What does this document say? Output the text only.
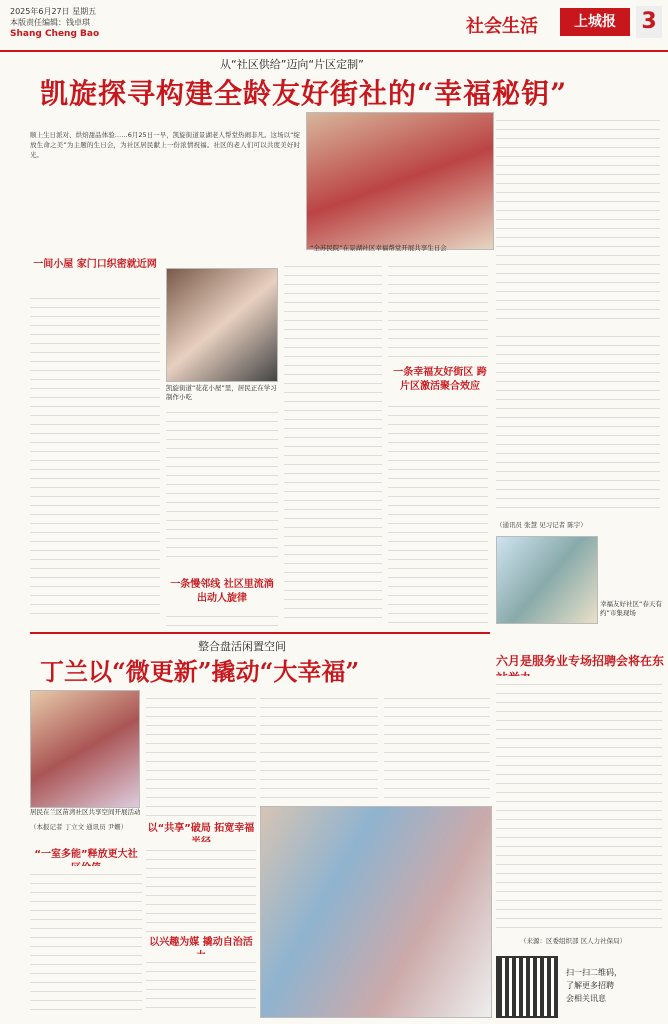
2025年6月27日 星期五
本版责任编辑：钱卓琪
Shang Cheng Bao	社会生活	上城报	3
从“社区供给”迈向“片区定制”
凯旋探寻构建全龄友好街社的“幸福秘钥”
顺上生日派对、烘焙甜品体验……6月25日一早，凯旋街道景湖老人帮堂热闹非凡。这场以“绽放生命之美”为主题的生日会，为社区居民献上一份浓情祝福。社区的老人们可以共度美好时光。
“全苏民院”在景湖社区幸福帮堂开展共享生日会
一间小屋 家门口织密就近网
凯旋街道“花花小屋”里，居民正在学习制作小吃
一条慢邻线 社区里流淌出动人旋律
一条幸福友好街区 跨片区激活聚合效应
（通讯员 张慧 见习记者 陈宇）
幸福友好社区“春天有约”市集现场
整合盘活闲置空间
丁兰以“微更新”撬动“大幸福”
居民在兰区苗湾社区共享空间开展活动
（本报记者 丁立文 通讯员 尹姗）
“一室多能”释放更大社
以“共享”破局 拓宽幸福
以兴趣为媒 撬动自治活
六月是服务业专场招聘会将在东
（来源：区委组织部 区人力社保局）
扫一扫二维码，
了解更多招聘
会相关讯息
